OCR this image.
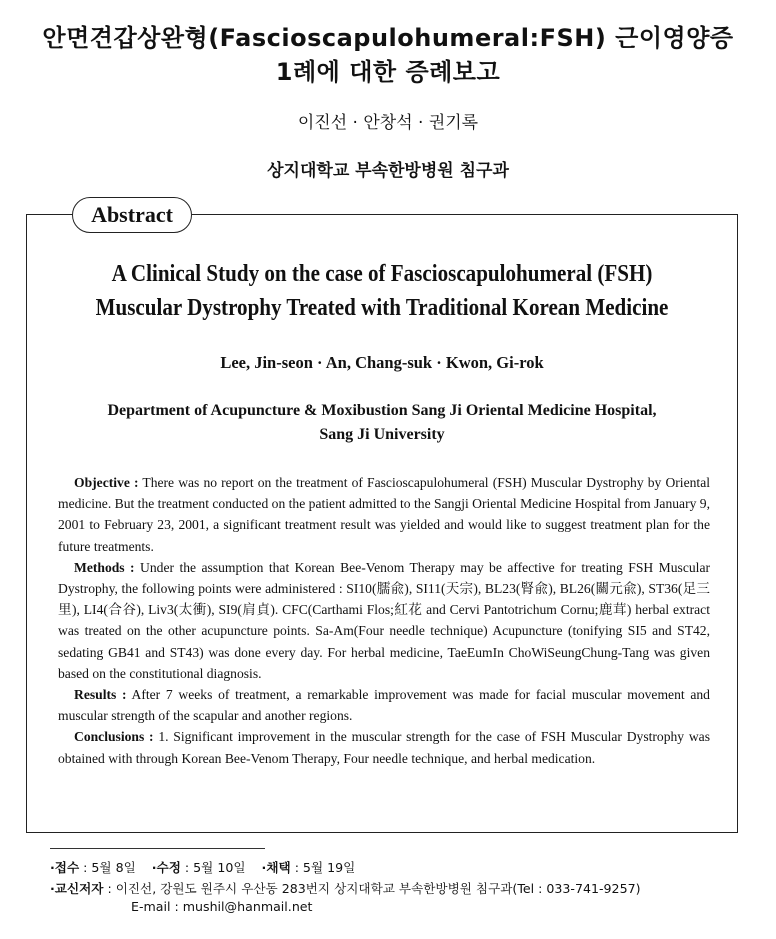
안면견갑상완형(Fascioscapulohumeral:FSH) 근이영양증
1례에 대한 증례보고
이진선 · 안창석 · 권기록
상지대학교 부속한방병원 침구과
Abstract
A Clinical Study on the case of Fascioscapulohumeral (FSH)
Muscular Dystrophy Treated with Traditional Korean Medicine
Lee, Jin-seon · An, Chang-suk · Kwon, Gi-rok
Department of Acupuncture & Moxibustion Sang Ji Oriental Medicine Hospital,
Sang Ji University

Objective : There was no report on the treatment of Fascioscapulohumeral (FSH) Muscular Dystrophy by Oriental medicine. But the treatment conducted on the patient admitted to the Sangji Oriental Medicine Hospital from January 9, 2001 to February 23, 2001, a significant treatment result was yielded and would like to suggest treatment plan for the future treatments.

Methods : Under the assumption that Korean Bee-Venom Therapy may be affective for treating FSH Muscular Dystrophy, the following points were administered : SI10(臑兪), SI11(天宗), BL23(腎兪), BL26(關元兪), ST36(足三里), LI4(合谷), Liv3(太衝), SI9(肩貞). CFC(Carthami Flos;紅花 and Cervi Pantotrichum Cornu;鹿茸) herbal extract was treated on the other acupuncture points. Sa-Am(Four needle technique) Acupuncture (tonifying SI5 and ST42, sedating GB41 and ST43) was done every day. For herbal medicine, TaeEumIn ChoWiSeungChung-Tang was given based on the constitutional diagnosis.

Results : After 7 weeks of treatment, a remarkable improvement was made for facial muscular movement and muscular strength of the scapular and another regions.

Conclusions : 1. Significant improvement in the muscular strength for the case of FSH Muscular Dystrophy was obtained with through Korean Bee-Venom Therapy, Four needle technique, and herbal medication.

·접수 : 5월 8일 ·수정 : 5월 10일 ·채택 : 5월 19일
·교신저자 : 이진선, 강원도 원주시 우산동 283번지 상지대학교 부속한방병원 침구과(Tel : 033-741-9257)
E-mail : mushil@hanmail.net
